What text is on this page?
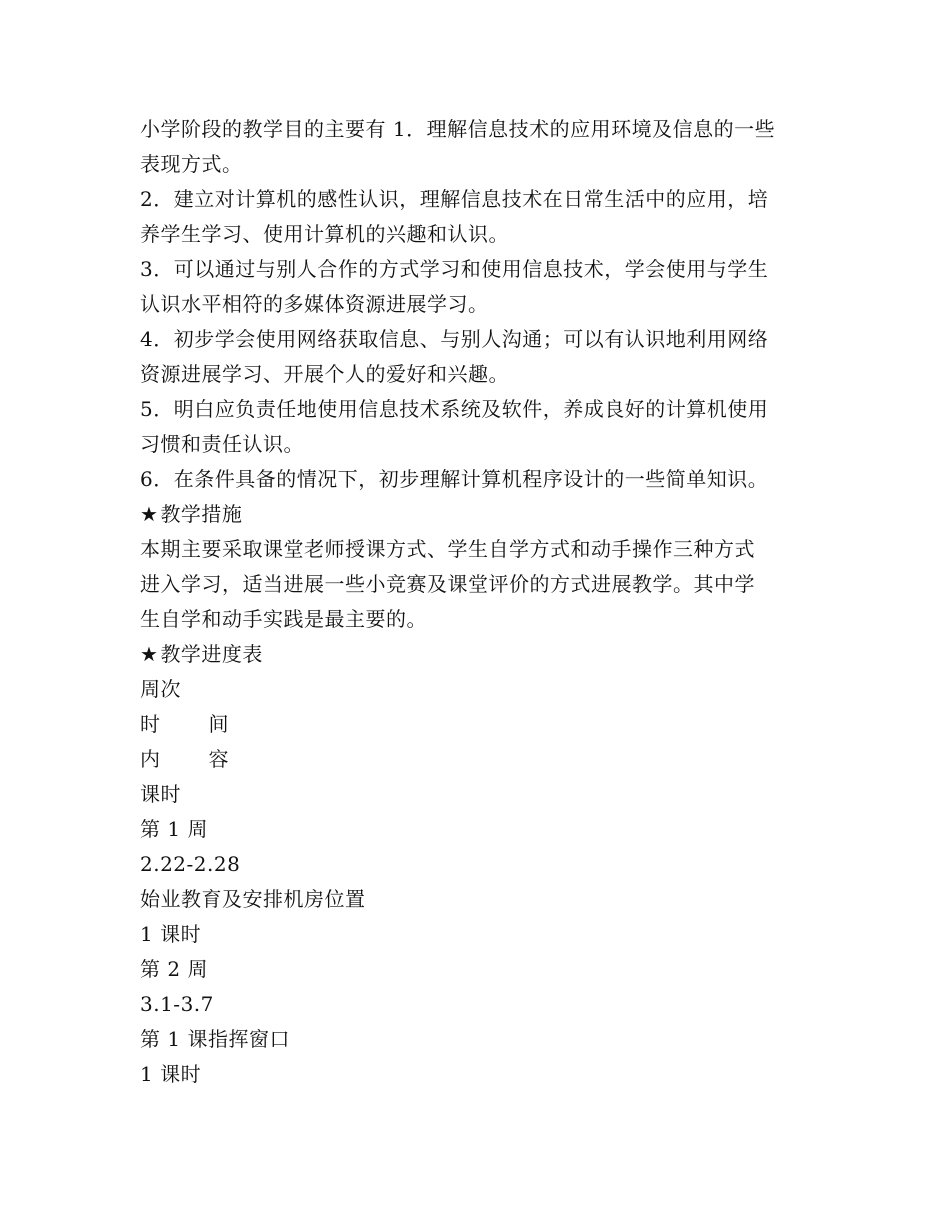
小学阶段的教学目的主要有 1．理解信息技术的应用环境及信息的一些
表现方式。
2．建立对计算机的感性认识，理解信息技术在日常生活中的应用，培
养学生学习、使用计算机的兴趣和认识。
3．可以通过与别人合作的方式学习和使用信息技术，学会使用与学生
认识水平相符的多媒体资源进展学习。
4．初步学会使用网络获取信息、与别人沟通；可以有认识地利用网络
资源进展学习、开展个人的爱好和兴趣。
5．明白应负责任地使用信息技术系统及软件，养成良好的计算机使用
习惯和责任认识。
6．在条件具备的情况下，初步理解计算机程序设计的一些简单知识。
★ 教学措施
本期主要采取课堂老师授课方式、学生自学方式和动手操作三种方式
进入学习，适当进展一些小竞赛及课堂评价的方式进展教学。其中学
生自学和动手实践是最主要的。
★ 教学进度表
周次
时 间
内 容
课时
第 1 周
2.22-2.28
始业教育及安排机房位置
1 课时
第 2 周
3.1-3.7
第 1 课指挥窗口
1 课时
